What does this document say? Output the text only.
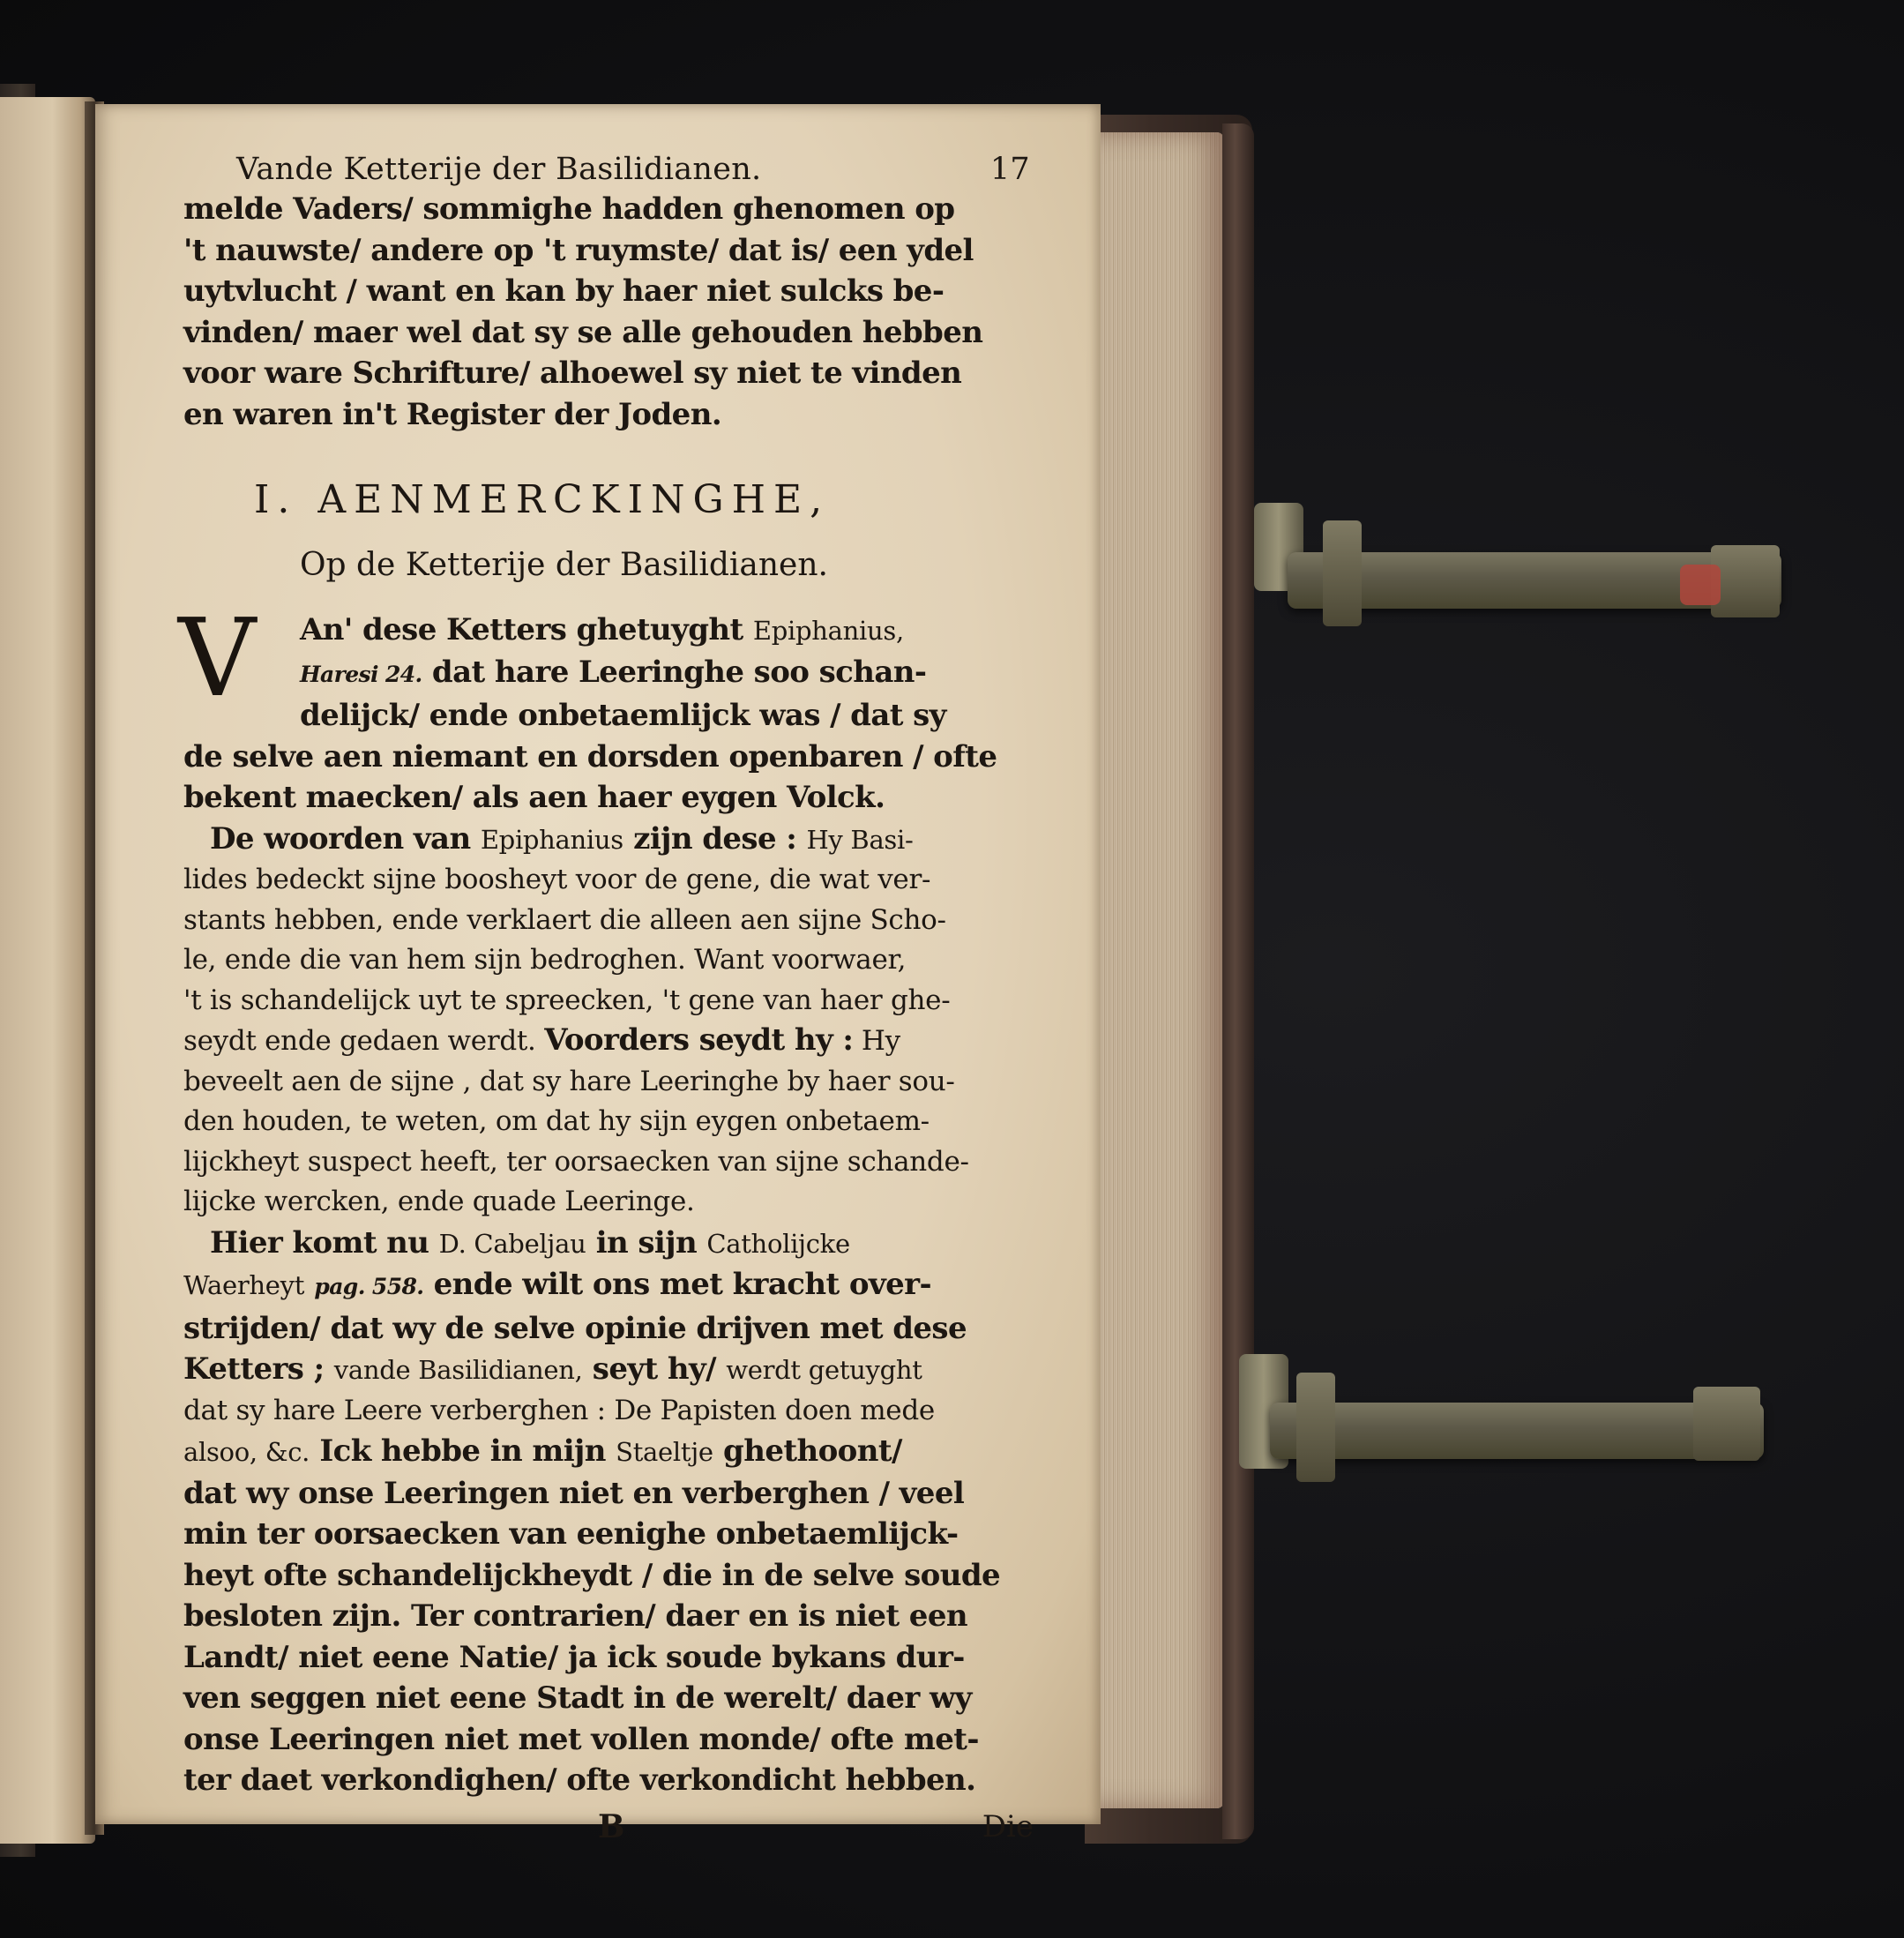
Vande Ketterije der Basilidianen.	17
melde Vaders/ sommighe hadden ghenomen op
't nauwste/ andere op 't ruymste/ dat is/ een ydel
uytvlucht / want en kan by haer niet sulcks be-
vinden/ maer wel dat sy se alle gehouden hebben
voor ware Schrifture/ alhoewel sy niet te vinden
en waren in't Register der Joden.
I. AENMERCKINGHE,
Op de Ketterije der Basilidianen.
V	An' dese Ketters ghetuyght Epiphanius,
Haresi 24. dat hare Leeringhe soo schan-
delijck/ ende onbetaemlijck was / dat sy
de selve aen niemant en dorsden openbaren / ofte
bekent maecken/ als aen haer eygen Volck.
De woorden van Epiphanius zijn dese : Hy Basi-
lides bedeckt sijne boosheyt voor de gene, die wat ver-
stants hebben, ende verklaert die alleen aen sijne Scho-
le, ende die van hem sijn bedroghen. Want voorwaer,
't is schandelijck uyt te spreecken, 't gene van haer ghe-
seydt ende gedaen werdt. Voorders seydt hy : Hy
beveelt aen de sijne , dat sy hare Leeringhe by haer sou-
den houden, te weten, om dat hy sijn eygen onbetaem-
lijckheyt suspect heeft, ter oorsaecken van sijne schande-
lijcke wercken, ende quade Leeringe.
Hier komt nu D. Cabeljau in sijn Catholijcke
Waerheyt pag. 558. ende wilt ons met kracht over-
strijden/ dat wy de selve opinie drijven met dese
Ketters ; vande Basilidianen, seyt hy/ werdt getuyght
dat sy hare Leere verberghen : De Papisten doen mede
alsoo, &c. Ick hebbe in mijn Staeltje ghethoont/
dat wy onse Leeringen niet en verberghen / veel
min ter oorsaecken van eenighe onbetaemlijck-
heyt ofte schandelijckheydt / die in de selve soude
besloten zijn. Ter contrarien/ daer en is niet een
Landt/ niet eene Natie/ ja ick soude bykans dur-
ven seggen niet eene Stadt in de werelt/ daer wy
onse Leeringen niet met vollen monde/ ofte met-
ter daet verkondighen/ ofte verkondicht hebben.
B	Die
